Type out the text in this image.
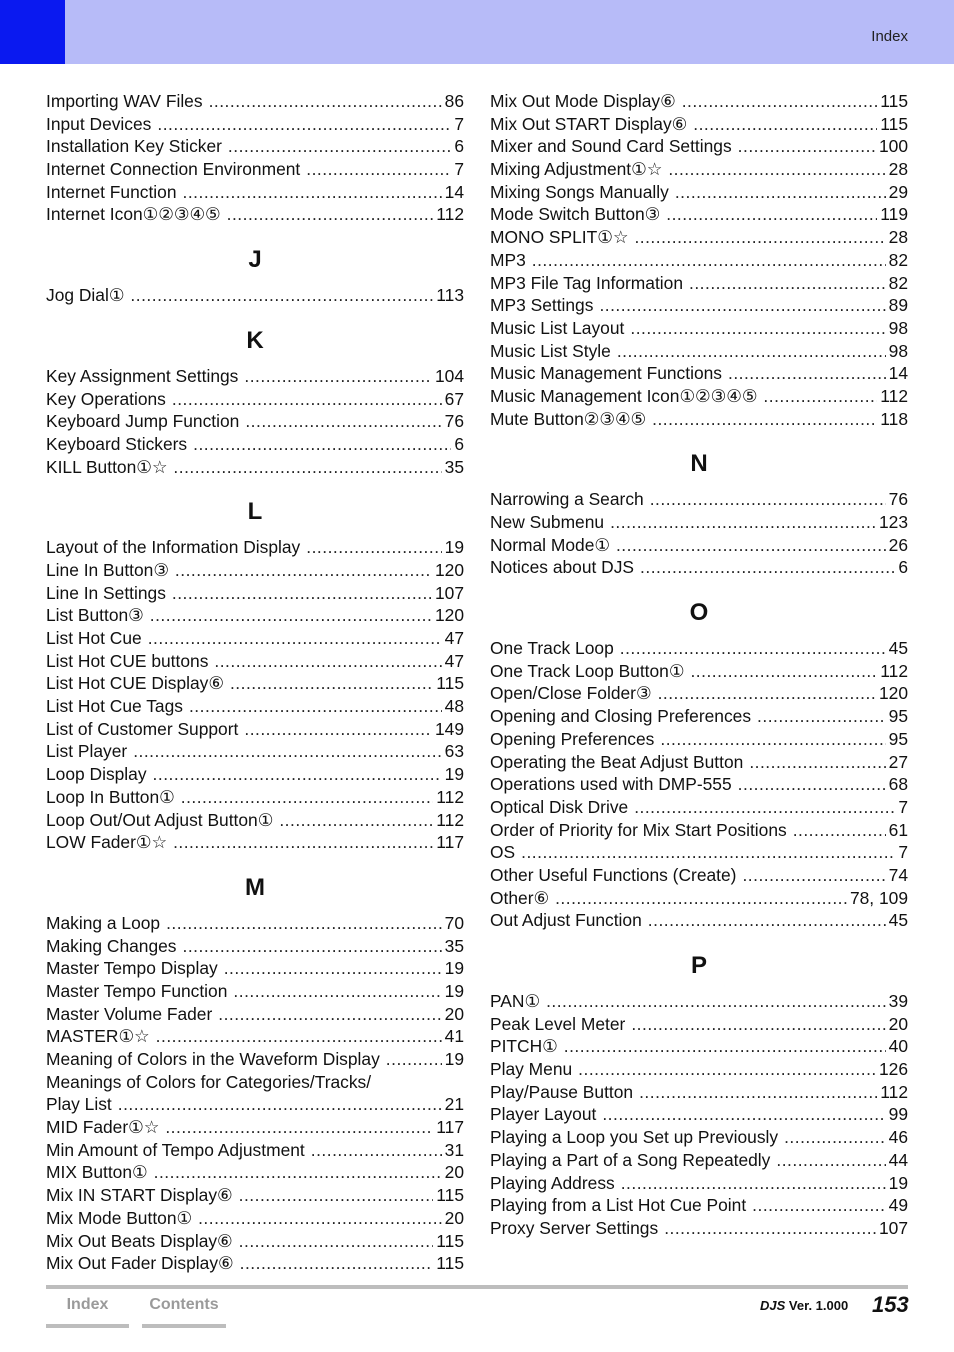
Index
Importing WAV Files .....	86
Input Devices .....	7
Installation Key Sticker .....	6
Internet Connection Environment .....	7
Internet Function .....	14
Internet Icon①②③④⑤ .....	112
J
Jog Dial① .....	113
K
Key Assignment Settings .....	104
Key Operations .....	67
Keyboard Jump Function .....	76
Keyboard Stickers .....	6
KILL Button①☆ .....	35
L
Layout of the Information Display .....	19
Line In Button③ .....	120
Line In Settings .....	107
List Button③ .....	120
List Hot Cue .....	47
List Hot CUE buttons .....	47
List Hot CUE Display⑥ .....	115
List Hot Cue Tags .....	48
List of Customer Support .....	149
List Player .....	63
Loop Display .....	19
Loop In Button① .....	112
Loop Out/Out Adjust Button① .....	112
LOW Fader①☆ .....	117
M
Making a Loop .....	70
Making Changes .....	35
Master Tempo Display .....	19
Master Tempo Function .....	19
Master Volume Fader .....	20
MASTER①☆ .....	41
Meaning of Colors in the Waveform Display .....	19
Meanings of Colors for Categories/Tracks/
Play List .....	21
MID Fader①☆ .....	117
Min Amount of Tempo Adjustment .....	31
MIX Button① .....	20
Mix IN START Display⑥ .....	115
Mix Mode Button① .....	20
Mix Out Beats Display⑥ .....	115
Mix Out Fader Display⑥ .....	115
Mix Out Mode Display⑥ .....	115
Mix Out START Display⑥ .....	115
Mixer and Sound Card Settings .....	100
Mixing Adjustment①☆ .....	28
Mixing Songs Manually .....	29
Mode Switch Button③ .....	119
MONO SPLIT①☆ .....	28
MP3 .....	82
MP3 File Tag Information .....	82
MP3 Settings .....	89
Music List Layout .....	98
Music List Style .....	98
Music Management Functions .....	14
Music Management Icon①②③④⑤ .....	112
Mute Button②③④⑤ .....	118
N
Narrowing a Search .....	76
New Submenu .....	123
Normal Mode① .....	26
Notices about DJS .....	6
O
One Track Loop .....	45
One Track Loop Button① .....	112
Open/Close Folder③ .....	120
Opening and Closing Preferences .....	95
Opening Preferences .....	95
Operating the Beat Adjust Button .....	27
Operations used with DMP-555 .....	68
Optical Disk Drive .....	7
Order of Priority for Mix Start Positions .....	61
OS .....	7
Other Useful Functions (Create) .....	74
Other⑥ .....	78, 109
Out Adjust Function .....	45
P
PAN① .....	39
Peak Level Meter .....	20
PITCH① .....	40
Play Menu .....	126
Play/Pause Button .....	112
Player Layout .....	99
Playing a Loop you Set up Previously .....	46
Playing a Part of a Song Repeatedly .....	44
Playing Address .....	19
Playing from a List Hot Cue Point .....	49
Proxy Server Settings .....	107
Index	Contents	DJS Ver. 1.000 153
